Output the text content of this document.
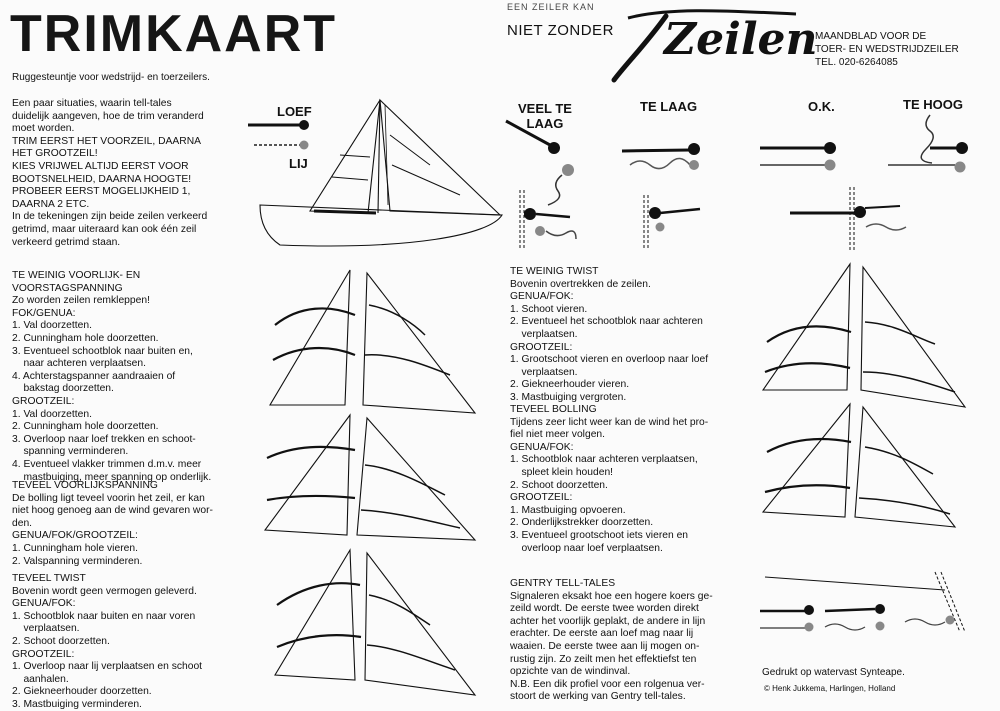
TRIMKAART
Ruggesteuntje voor wedstrijd- en toerzeilers.
EEN ZEILER KAN
NIET ZONDER Zeilen
MAANDBLAD VOOR DE
TOER- EN WEDSTRIJDZEILER
TEL. 020-6264085

Een paar situaties, waarin tell-tales

duidelijk aangeven, hoe de trim veranderd

moet worden.

TRIM EERST HET VOORZEIL, DAARNA

HET GROOTZEIL!

KIES VRIJWEL ALTIJD EERST VOOR

BOOTSNELHEID, DAARNA HOOGTE!

PROBEER EERST MOGELIJKHEID 1,

DAARNA 2 ETC.

In de tekeningen zijn beide zeilen verkeerd

getrimd, maar uiteraard kan ook één zeil

verkeerd getrimd staan.

LOEF
LIJ
VEEL TE
LAAG
TE LAAG	O.K.	TE HOOG

TE WEINIG VOORLIJK- EN

VOORSTAGSPANNING

Zo worden zeilen remkleppen!

FOK/GENUA:

1. Val doorzetten.

2. Cunningham hole doorzetten.

3. Eventueel schootblok naar buiten en,

naar achteren verplaatsen.

4. Achterstagspanner aandraaien of

bakstag doorzetten.

GROOTZEIL:

1. Val doorzetten.

2. Cunningham hole doorzetten.

3. Overloop naar loef trekken en schoot-

spanning verminderen.

4. Eventueel vlakker trimmen d.m.v. meer

mastbuiging, meer spanning op onderlijk.

TEVEEL VOORLIJKSPANNING

De bolling ligt teveel voorin het zeil, er kan

niet hoog genoeg aan de wind gevaren wor-

den.

GENUA/FOK/GROOTZEIL:

1. Cunningham hole vieren.

2. Valspanning verminderen.

TEVEEL TWIST

Bovenin wordt geen vermogen geleverd.

GENUA/FOK:

1. Schootblok naar buiten en naar voren

verplaatsen.

2. Schoot doorzetten.

GROOTZEIL:

1. Overloop naar lij verplaatsen en schoot

aanhalen.

2. Giekneerhouder doorzetten.

3. Mastbuiging verminderen.

TE WEINIG TWIST

Bovenin overtrekken de zeilen.

GENUA/FOK:

1. Schoot vieren.

2. Eventueel het schootblok naar achteren

verplaatsen.

GROOTZEIL:

1. Grootschoot vieren en overloop naar loef

verplaatsen.

2. Giekneerhouder vieren.

3. Mastbuiging vergroten.

TEVEEL BOLLING

Tijdens zeer licht weer kan de wind het pro-

fiel niet meer volgen.

GENUA/FOK:

1. Schootblok naar achteren verplaatsen,

spleet klein houden!

2. Schoot doorzetten.

GROOTZEIL:

1. Mastbuiging opvoeren.

2. Onderlijkstrekker doorzetten.

3. Eventueel grootschoot iets vieren en

overloop naar loef verplaatsen.

GENTRY TELL-TALES

Signaleren eksakt hoe een hogere koers ge-

zeild wordt. De eerste twee worden direkt

achter het voorlijk geplakt, de andere in lijn

erachter. De eerste aan loef mag naar lij

waaien. De eerste twee aan lij mogen on-

rustig zijn. Zo zeilt men het effektiefst ten

opzichte van de windinval.

N.B. Een dik profiel voor een rolgenua ver-

stoort de werking van Gentry tell-tales.

Gedrukt op watervast Synteape.
© Henk Jukkema, Harlingen, Holland
